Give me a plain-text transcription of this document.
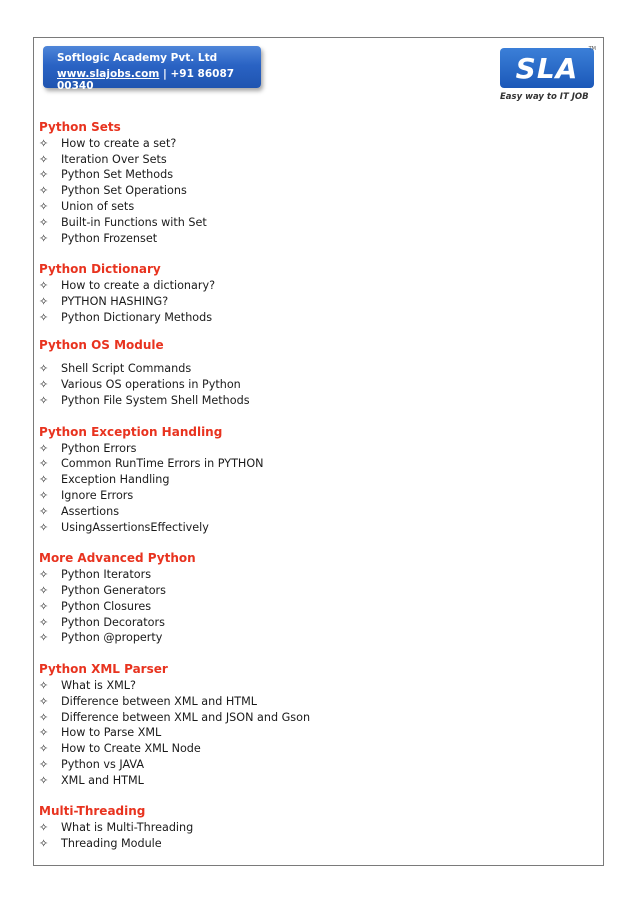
Softlogic Academy Pvt. Ltd
www.slajobs.com | +91 86087 00340
SLA
TM
Easy way to IT JOB
Python Sets
✧ How to create a set?
✧ Iteration Over Sets
✧ Python Set Methods
✧ Python Set Operations
✧ Union of sets
✧ Built-in Functions with Set
✧ Python Frozenset
Python Dictionary
✧ How to create a dictionary?
✧ PYTHON HASHING?
✧ Python Dictionary Methods
Python OS Module
✧ Shell Script Commands
✧ Various OS operations in Python
✧ Python File System Shell Methods
Python Exception Handling
✧ Python Errors
✧ Common RunTime Errors in PYTHON
✧ Exception Handling
✧ Ignore Errors
✧ Assertions
✧ UsingAssertionsEffectively
More Advanced Python
✧ Python Iterators
✧ Python Generators
✧ Python Closures
✧ Python Decorators
✧ Python @property
Python XML Parser
✧ What is XML?
✧ Difference between XML and HTML
✧ Difference between XML and JSON and Gson
✧ How to Parse XML
✧ How to Create XML Node
✧ Python vs JAVA
✧ XML and HTML
Multi-Threading
✧ What is Multi-Threading
✧ Threading Module
